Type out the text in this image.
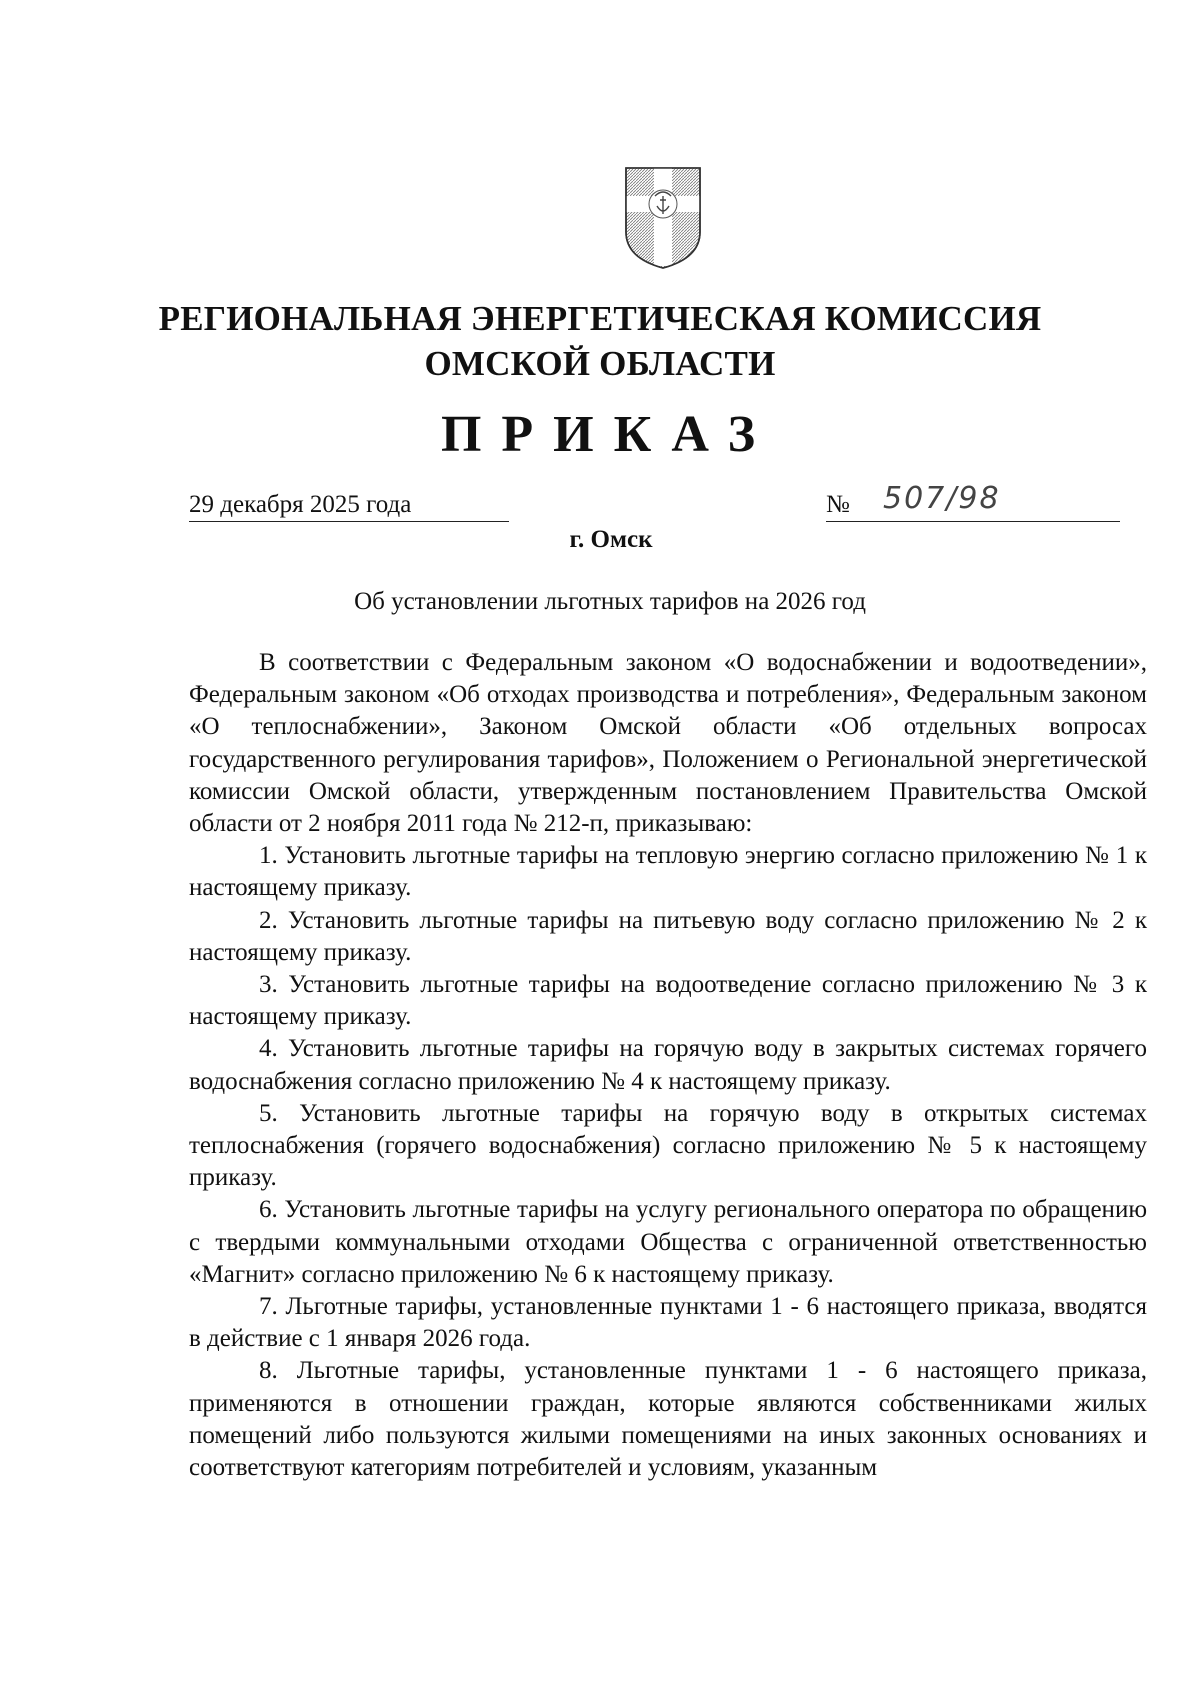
РЕГИОНАЛЬНАЯ ЭНЕРГЕТИЧЕСКАЯ КОМИССИЯ
ОМСКОЙ ОБЛАСТИ
ПРИКАЗ
29 декабря 2025 года	№ 507/98
г. Омск
Об установлении льготных тарифов на 2026 год

В соответствии с Федеральным законом «О водоснабжении и водоотведении», Федеральным законом «Об отходах производства и потребления», Федеральным законом «О теплоснабжении», Законом Омской области «Об отдельных вопросах государственного регулирования тарифов», Положением о Региональной энергетической комиссии Омской области, утвержденным постановлением Правительства Омской области от 2 ноября 2011 года № 212-п, приказываю:

1. Установить льготные тарифы на тепловую энергию согласно приложению № 1 к настоящему приказу.

2. Установить льготные тарифы на питьевую воду согласно приложению № 2 к настоящему приказу.

3. Установить льготные тарифы на водоотведение согласно приложению № 3 к настоящему приказу.

4. Установить льготные тарифы на горячую воду в закрытых системах горячего водоснабжения согласно приложению № 4 к настоящему приказу.

5. Установить льготные тарифы на горячую воду в открытых системах теплоснабжения (горячего водоснабжения) согласно приложению № 5 к настоящему приказу.

6. Установить льготные тарифы на услугу регионального оператора по обращению с твердыми коммунальными отходами Общества с ограниченной ответственностью «Магнит» согласно приложению № 6 к настоящему приказу.

7. Льготные тарифы, установленные пунктами 1 - 6 настоящего приказа, вводятся в действие с 1 января 2026 года.

8. Льготные тарифы, установленные пунктами 1 - 6 настоящего приказа, применяются в отношении граждан, которые являются собственниками жилых помещений либо пользуются жилыми помещениями на иных законных основаниях и соответствуют категориям потребителей и условиям, указанным
